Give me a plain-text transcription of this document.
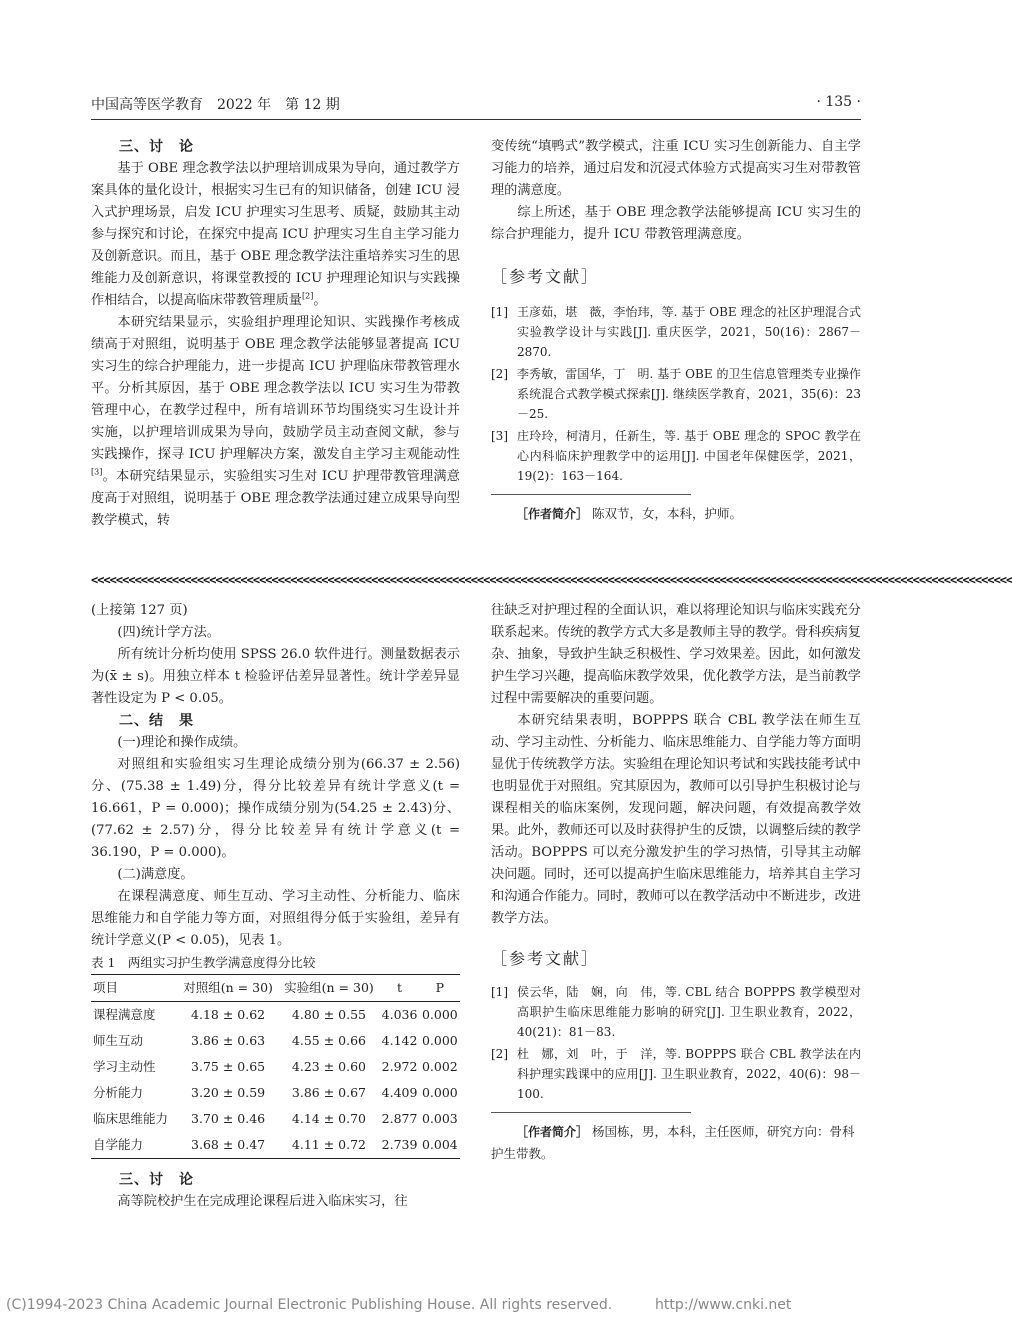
中国高等医学教育　2022 年　第 12 期	· 135 ·
三、讨　论

基于 OBE 理念教学法以护理培训成果为导向，通过教学方案具体的量化设计，根据实习生已有的知识储备，创建 ICU 浸入式护理场景，启发 ICU 护理实习生思考、质疑，鼓励其主动参与探究和讨论，在探究中提高 ICU 护理实习生自主学习能力及创新意识。而且，基于 OBE 理念教学法注重培养实习生的思维能力及创新意识，将课堂教授的 ICU 护理理论知识与实践操作相结合，以提高临床带教管理质量[2]。

本研究结果显示，实验组护理理论知识、实践操作考核成绩高于对照组，说明基于 OBE 理念教学法能够显著提高 ICU 实习生的综合护理能力，进一步提高 ICU 护理临床带教管理水平。分析其原因，基于 OBE 理念教学法以 ICU 实习生为带教管理中心，在教学过程中，所有培训环节均围绕实习生设计并实施，以护理培训成果为导向，鼓励学员主动查阅文献，参与实践操作，探寻 ICU 护理解决方案，激发自主学习主观能动性[3]。本研究结果显示，实验组实习生对 ICU 护理带教管理满意度高于对照组，说明基于 OBE 理念教学法通过建立成果导向型教学模式，转

变传统“填鸭式”教学模式，注重 ICU 实习生创新能力、自主学习能力的培养，通过启发和沉浸式体验方式提高实习生对带教管理的满意度。

综上所述，基于 OBE 理念教学法能够提高 ICU 实习生的综合护理能力，提升 ICU 带教管理满意度。

［参考文献］

[1] 王彦茹，堪　薇，李怡玮，等. 基于 OBE 理念的社区护理混合式实验教学设计与实践[J]. 重庆医学，2021，50(16)：2867－2870.
[2] 李秀敏，雷国华，丁　明. 基于 OBE 的卫生信息管理类专业操作系统混合式教学模式探索[J]. 继续医学教育，2021，35(6)：23－25.
[3] 庄玲玲，柯清月，任新生，等. 基于 OBE 理念的 SPOC 教学在心内科临床护理教学中的运用[J]. 中国老年保健医学，2021，19(2)：163－164.
［作者简介］ 陈双节，女，本科，护师。
<<<<<<<<<<<<<<<<<<<<<<<<<<<<<<<<<<<<<<<<<<<<<<<<<<<<<<<<<<<<<<<<<<<<<<<<<<<<<<<<<<<<<<<<<<<<<<<<<<<<<<<<<<<<<<<<<<<<<<<<<<<<<<<<<<<<<<<<<<<<<<<<<<<<

(上接第 127 页)

(四)统计学方法。

所有统计分析均使用 SPSS 26.0 软件进行。测量数据表示为(x̄ ± s)。用独立样本 t 检验评估差异显著性。统计学差异显著性设定为 P < 0.05。

二、结　果

(一)理论和操作成绩。

对照组和实验组实习生理论成绩分别为(66.37 ± 2.56)分、(75.38 ± 1.49)分，得分比较差异有统计学意义(t = 16.661，P = 0.000)；操作成绩分别为(54.25 ± 2.43)分、(77.62 ± 2.57)分，得分比较差异有统计学意义(t = 36.190，P = 0.000)。

(二)满意度。

在课程满意度、师生互动、学习主动性、分析能力、临床思维能力和自学能力等方面，对照组得分低于实验组，差异有统计学意义(P < 0.05)，见表 1。

表 1　两组实习护生教学满意度得分比较

项目	对照组(n = 30)	实验组(n = 30)	t	P
课程满意度	4.18 ± 0.62	4.80 ± 0.55	4.036	0.000
师生互动	3.86 ± 0.63	4.55 ± 0.66	4.142	0.000
学习主动性	3.75 ± 0.65	4.23 ± 0.60	2.972	0.002
分析能力	3.20 ± 0.59	3.86 ± 0.67	4.409	0.000
临床思维能力	3.70 ± 0.46	4.14 ± 0.70	2.877	0.003
自学能力	3.68 ± 0.47	4.11 ± 0.72	2.739	0.004
三、讨　论

高等院校护生在完成理论课程后进入临床实习，往

往缺乏对护理过程的全面认识，难以将理论知识与临床实践充分联系起来。传统的教学方式大多是教师主导的教学。骨科疾病复杂、抽象，导致护生缺乏积极性、学习效果差。因此，如何激发护生学习兴趣，提高临床教学效果，优化教学方法，是当前教学过程中需要解决的重要问题。

本研究结果表明，BOPPPS 联合 CBL 教学法在师生互动、学习主动性、分析能力、临床思维能力、自学能力等方面明显优于传统教学方法。实验组在理论知识考试和实践技能考试中也明显优于对照组。究其原因为，教师可以引导护生积极讨论与课程相关的临床案例，发现问题，解决问题，有效提高教学效果。此外，教师还可以及时获得护生的反馈，以调整后续的教学活动。BOPPPS 可以充分激发护生的学习热情，引导其主动解决问题。同时，还可以提高护生临床思维能力，培养其自主学习和沟通合作能力。同时，教师可以在教学活动中不断进步，改进教学方法。

［参考文献］

[1] 侯云华，陆　娴，向　伟，等. CBL 结合 BOPPPS 教学模型对高职护生临床思维能力影响的研究[J]. 卫生职业教育，2022，40(21)：81－83.
[2] 杜　娜，刘　叶，于　洋，等. BOPPPS 联合 CBL 教学法在内科护理实践课中的应用[J]. 卫生职业教育，2022，40(6)：98－100.
［作者简介］ 杨国栋，男，本科，主任医师，研究方向：骨科护生带教。
(C)1994-2023 China Academic Journal Electronic Publishing House. All rights reserved.	http://www.cnki.net
